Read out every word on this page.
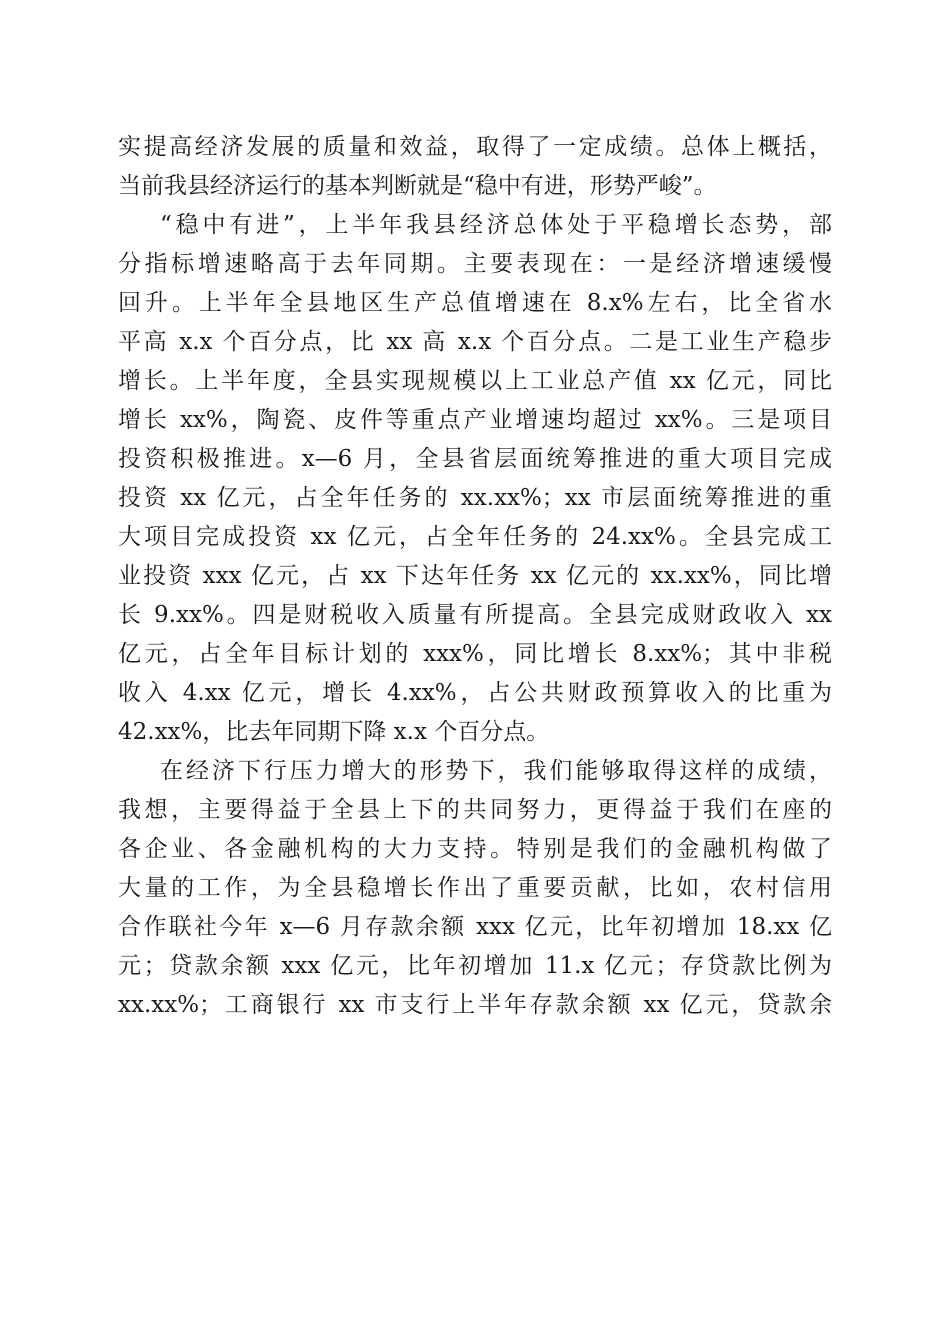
实提高经济发展的质量和效益，取得了一定成绩。总体上概括，
当前我县经济运行的基本判断就是“稳中有进，形势严峻”。
“稳中有进”，上半年我县经济总体处于平稳增长态势，部
分指标增速略高于去年同期。主要表现在：一是经济增速缓慢
回升。上半年全县地区生产总值增速在 8.x%左右，比全省水
平高 x.x 个百分点，比 xx 高 x.x 个百分点。二是工业生产稳步
增长。上半年度，全县实现规模以上工业总产值 xx 亿元，同比
增长 xx%，陶瓷、皮件等重点产业增速均超过 xx%。三是项目
投资积极推进。x—6 月，全县省层面统筹推进的重大项目完成
投资 xx 亿元，占全年任务的 xx.xx%；xx 市层面统筹推进的重
大项目完成投资 xx 亿元，占全年任务的 24.xx%。全县完成工
业投资 xxx 亿元，占 xx 下达年任务 xx 亿元的 xx.xx%，同比增
长 9.xx%。四是财税收入质量有所提高。全县完成财政收入 xx
亿元，占全年目标计划的 xxx%，同比增长 8.xx%；其中非税
收入 4.xx 亿元，增长 4.xx%，占公共财政预算收入的比重为
42.xx%，比去年同期下降 x.x 个百分点。
在经济下行压力增大的形势下，我们能够取得这样的成绩，
我想，主要得益于全县上下的共同努力，更得益于我们在座的
各企业、各金融机构的大力支持。特别是我们的金融机构做了
大量的工作，为全县稳增长作出了重要贡献，比如，农村信用
合作联社今年 x—6 月存款余额 xxx 亿元，比年初增加 18.xx 亿
元；贷款余额 xxx 亿元，比年初增加 11.x 亿元；存贷款比例为
xx.xx%；工商银行 xx 市支行上半年存款余额 xx 亿元，贷款余
